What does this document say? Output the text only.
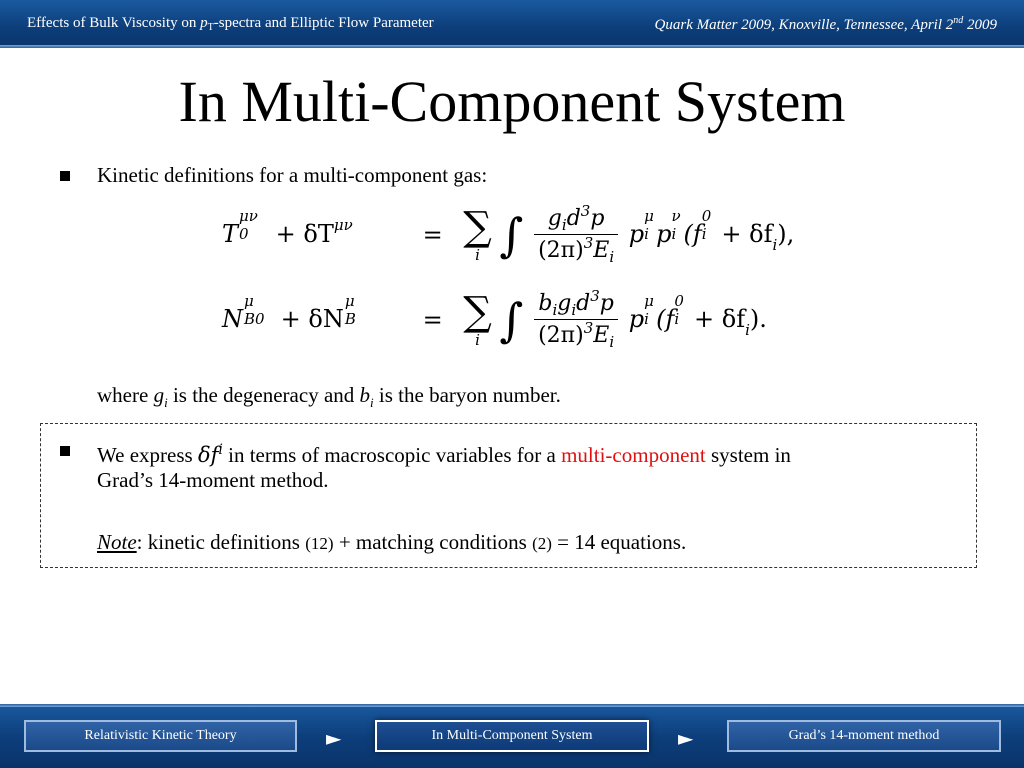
Effects of Bulk Viscosity on $p_T$-spectra and Elliptic Flow Parameter	Quark Matter 2009, Knoxville, Tennessee, April 2nd 2009
In Multi-Component System
Kinetic definitions for a multi-component gas:
T
μν
$0 + \delta T^{\mu\nu}$	= ∑
i ∫ $\frac{g_id^3p}{(2\pi)^3E_i}$ p
μ
i p
ν
i (f
0
$i + \delta f_i$),
N
μ
B0 + δN
μ
B	= ∑
i ∫ $\frac{b_ig_id^3p}{(2\pi)^3E_i}$ p
μ
i (f
0
$i + \delta f_i$).
where $g_i$ is the degeneracy and $b_i$ is the baryon number.
We express $\delta f^i$ in terms of macroscopic variables for a multi-component system in
Grad’s 14-moment method.
Note: kinetic definitions (12) + matching conditions (2) = 14 equations.
Relativistic Kinetic Theory	►	In Multi-Component System	►	Grad’s 14-moment method
